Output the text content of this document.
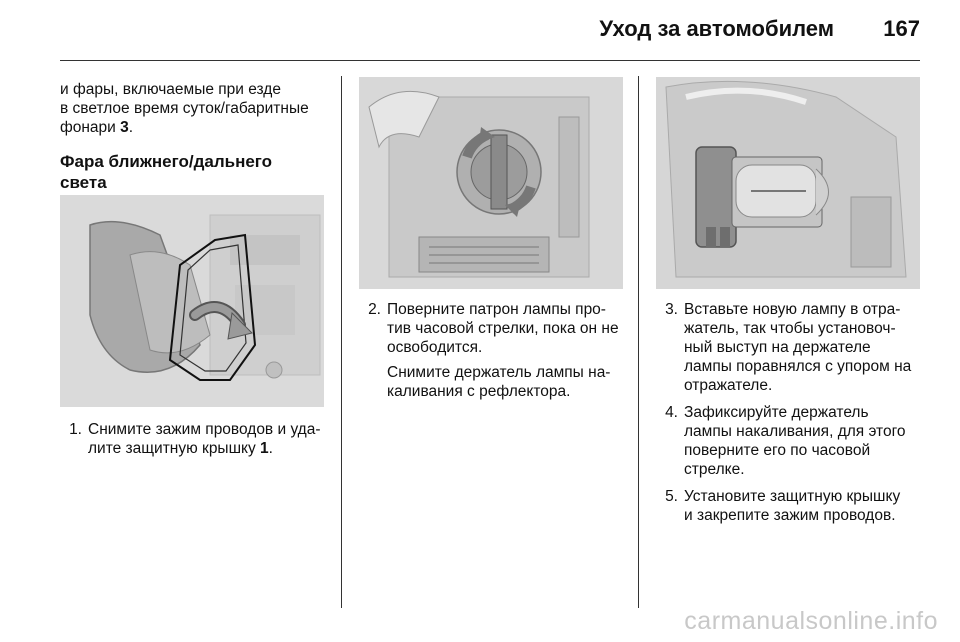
Уход за автомобилем 167

и фары, включаемые при езде
в светлое время суток/габаритные
фонари 3.

Фара ближнего/дальнего
света
1. Снимите зажим проводов и уда-
лите защитную крышку 1.
2. Поверните патрон лампы про-
тив часовой стрелки, пока он не
освободится.
Снимите держатель лампы на-
каливания с рефлектора.
3. Вставьте новую лампу в отра-
жатель, так чтобы установоч-
ный выступ на держателе
лампы поравнялся с упором на
отражателе.
4. Зафиксируйте держатель
лампы накаливания, для этого
поверните его по часовой
стрелке.
5. Установите защитную крышку
и закрепите зажим проводов.
carmanualsonline.info
